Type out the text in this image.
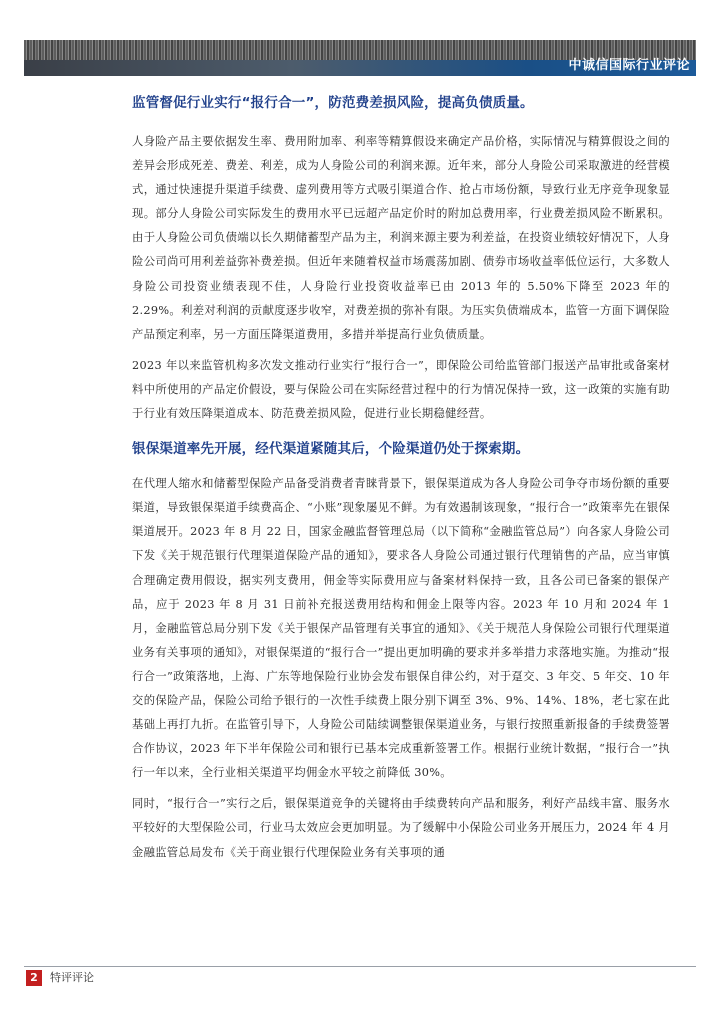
中诚信国际行业评论
监管督促行业实行“报行合一”，防范费差损风险，提高负债质量。

人身险产品主要依据发生率、费用附加率、利率等精算假设来确定产品价格，实际情况与精算假设之间的差异会形成死差、费差、利差，成为人身险公司的利润来源。近年来，部分人身险公司采取激进的经营模式，通过快速提升渠道手续费、虚列费用等方式吸引渠道合作、抢占市场份额，导致行业无序竞争现象显现。部分人身险公司实际发生的费用水平已远超产品定价时的附加总费用率，行业费差损风险不断累积。由于人身险公司负债端以长久期储蓄型产品为主，利润来源主要为利差益，在投资业绩较好情况下，人身险公司尚可用利差益弥补费差损。但近年来随着权益市场震荡加剧、债券市场收益率低位运行，大多数人身险公司投资业绩表现不佳，人身险行业投资收益率已由 2013 年的 5.50%下降至 2023 年的 2.29%。利差对利润的贡献度逐步收窄，对费差损的弥补有限。为压实负债端成本，监管一方面下调保险产品预定利率，另一方面压降渠道费用，多措并举提高行业负债质量。

2023 年以来监管机构多次发文推动行业实行“报行合一”，即保险公司给监管部门报送产品审批或备案材料中所使用的产品定价假设，要与保险公司在实际经营过程中的行为情况保持一致，这一政策的实施有助于行业有效压降渠道成本、防范费差损风险，促进行业长期稳健经营。

银保渠道率先开展，经代渠道紧随其后，个险渠道仍处于探索期。

在代理人缩水和储蓄型保险产品备受消费者青睐背景下，银保渠道成为各人身险公司争夺市场份额的重要渠道，导致银保渠道手续费高企、“小账”现象屡见不鲜。为有效遏制该现象，“报行合一”政策率先在银保渠道展开。2023 年 8 月 22 日，国家金融监督管理总局（以下简称“金融监管总局”）向各家人身险公司下发《关于规范银行代理渠道保险产品的通知》，要求各人身险公司通过银行代理销售的产品，应当审慎合理确定费用假设，据实列支费用，佣金等实际费用应与备案材料保持一致，且各公司已备案的银保产品，应于 2023 年 8 月 31 日前补充报送费用结构和佣金上限等内容。2023 年 10 月和 2024 年 1 月，金融监管总局分别下发《关于银保产品管理有关事宜的通知》、《关于规范人身保险公司银行代理渠道业务有关事项的通知》，对银保渠道的“报行合一”提出更加明确的要求并多举措力求落地实施。为推动“报行合一”政策落地，上海、广东等地保险行业协会发布银保自律公约，对于趸交、3 年交、5 年交、10 年交的保险产品，保险公司给予银行的一次性手续费上限分别下调至 3%、9%、14%、18%，老七家在此基础上再打九折。在监管引导下，人身险公司陆续调整银保渠道业务，与银行按照重新报备的手续费签署合作协议，2023 年下半年保险公司和银行已基本完成重新签署工作。根据行业统计数据，“报行合一”执行一年以来，全行业相关渠道平均佣金水平较之前降低 30%。

同时，“报行合一”实行之后，银保渠道竞争的关键将由手续费转向产品和服务，利好产品线丰富、服务水平较好的大型保险公司，行业马太效应会更加明显。为了缓解中小保险公司业务开展压力，2024 年 4 月金融监管总局发布《关于商业银行代理保险业务有关事项的通

2	特评评论
